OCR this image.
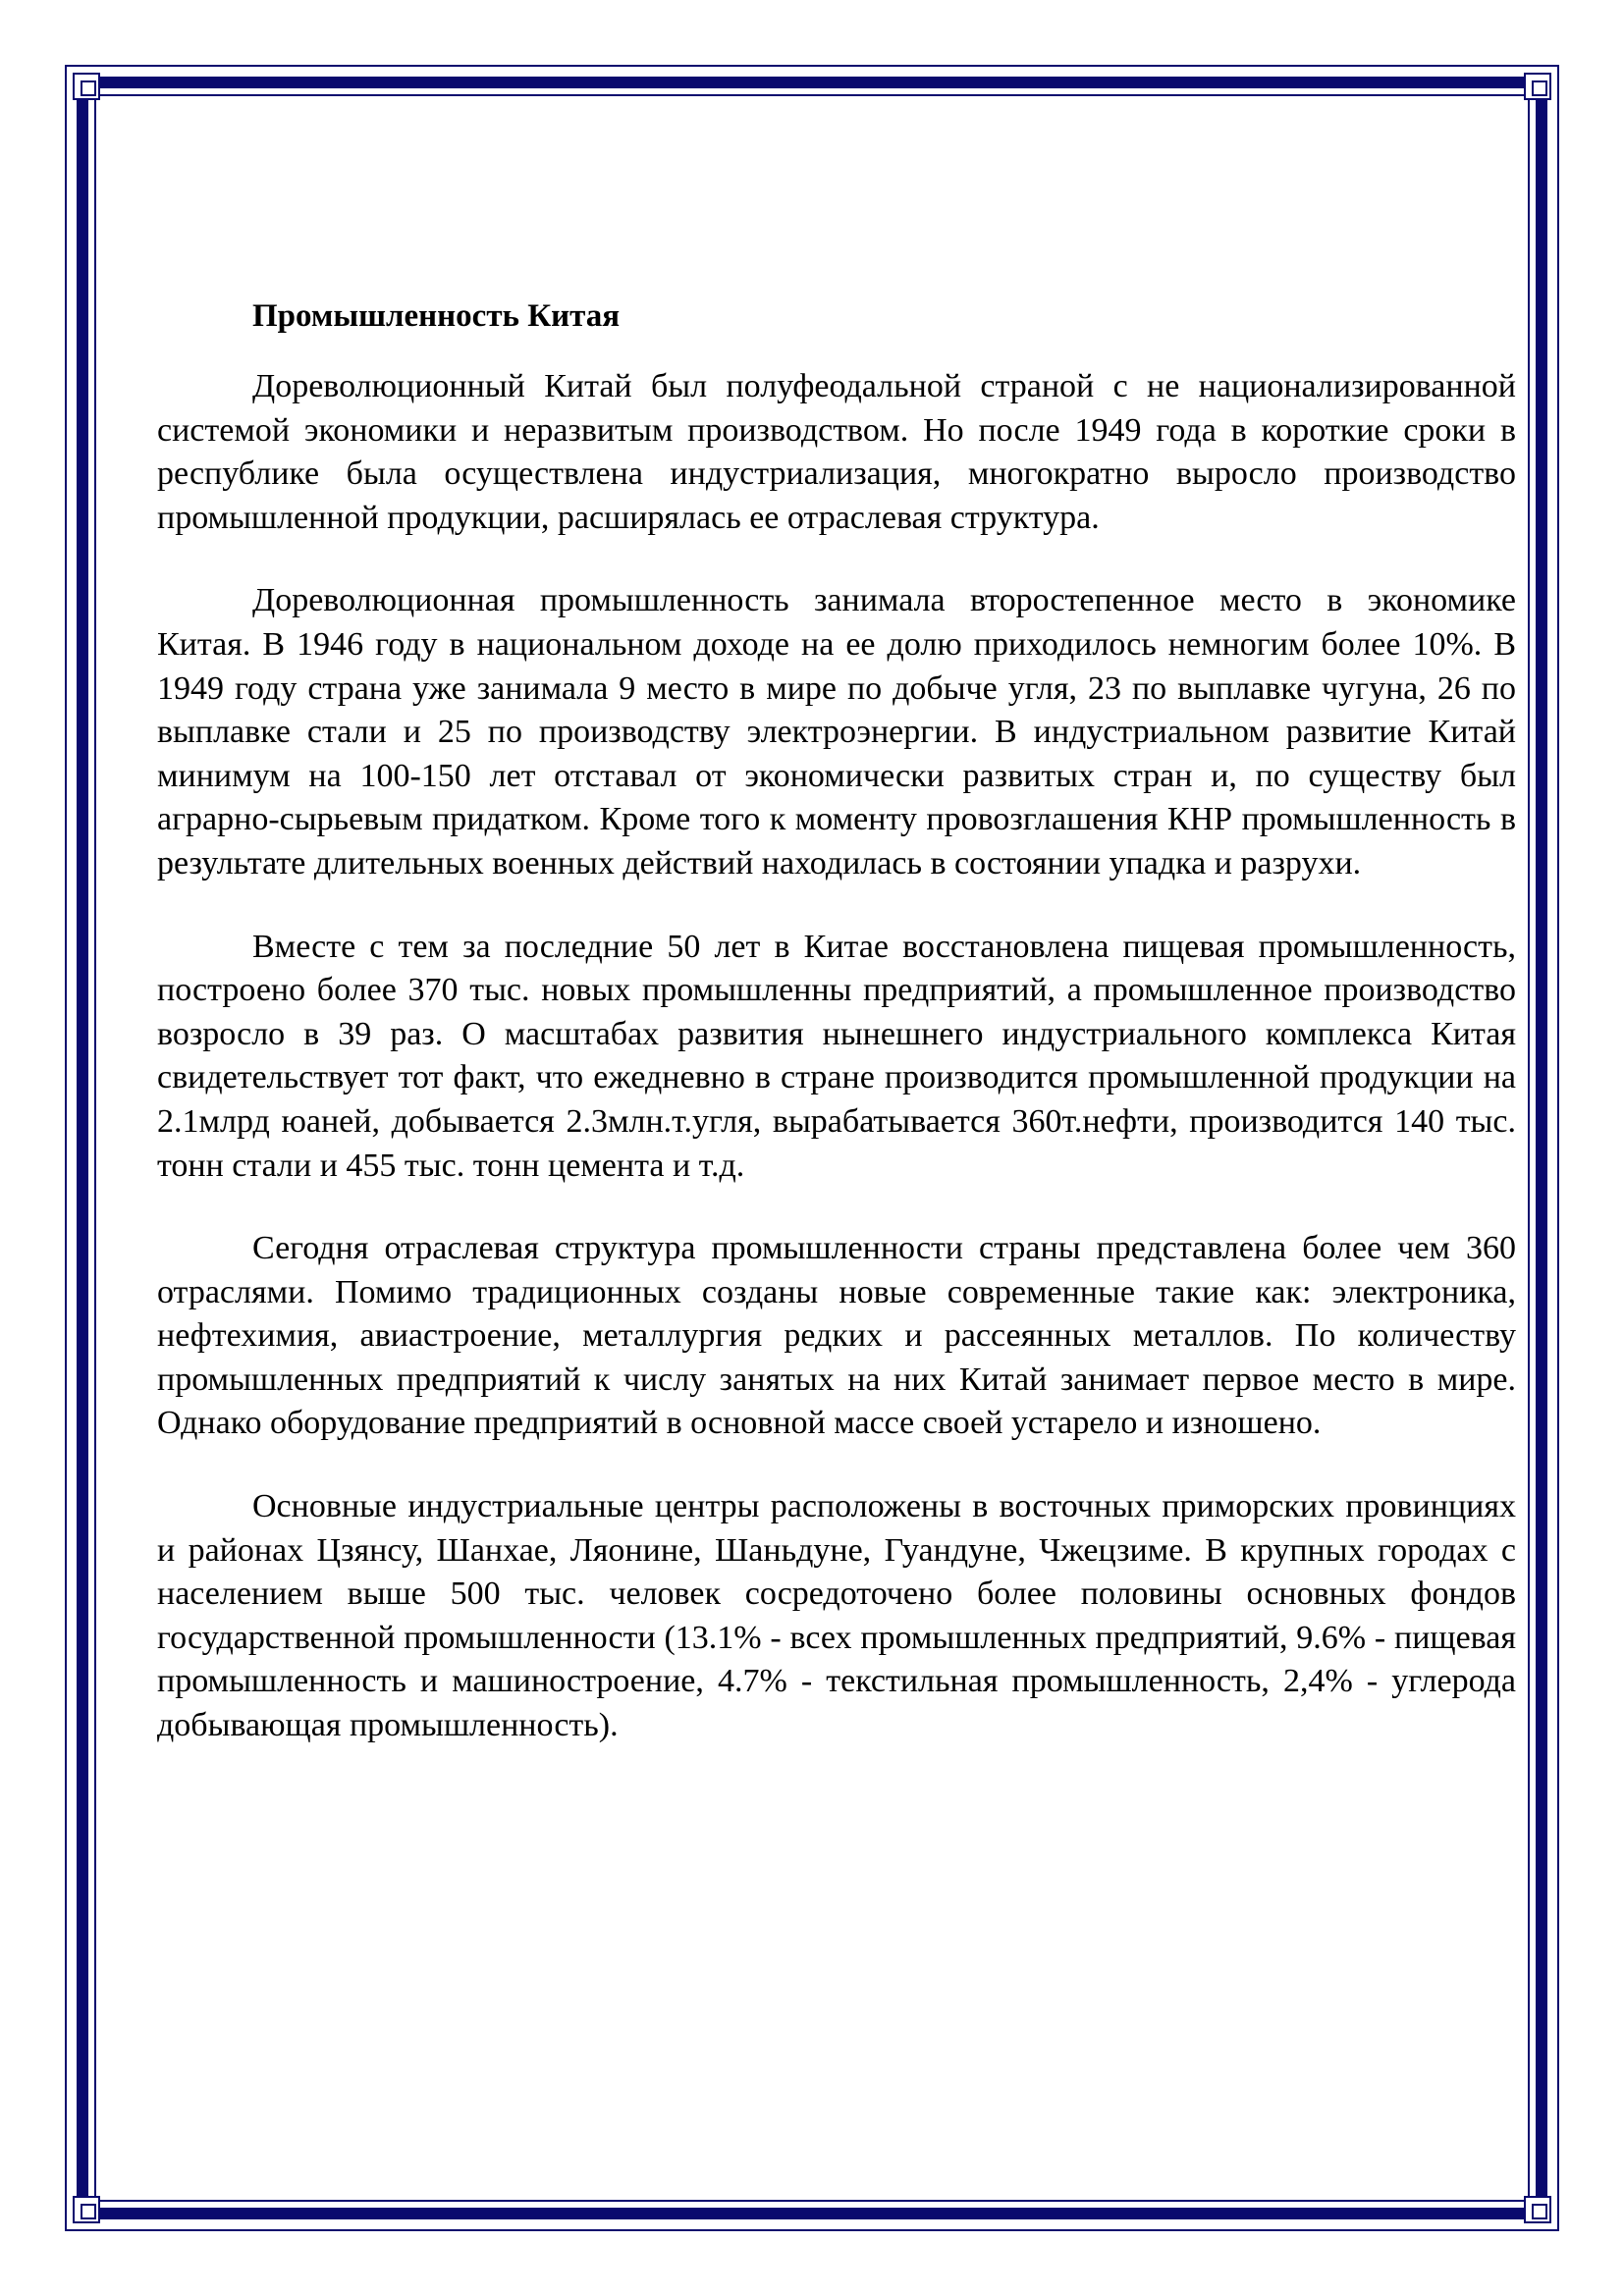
Промышленность Китая

Дореволюционный Китай был полуфеодальной страной с не национализированной системой экономики и неразвитым производством. Но после 1949 года в короткие сроки в республике была осуществлена индустриализация, многократно выросло производство промышленной продукции, расширялась ее отраслевая структура.

Дореволюционная промышленность занимала второстепенное место в экономике Китая. В 1946 году в национальном доходе на ее долю приходилось немногим более 10%. В 1949 году страна уже занимала 9 место в мире по добыче угля, 23 по выплавке чугуна, 26 по выплавке стали и 25 по производству электроэнергии. В индустриальном развитие Китай минимум на 100-150 лет отставал от экономически развитых стран и, по существу был аграрно-сырьевым придатком. Кроме того к моменту провозглашения КНР промышленность в результате длительных военных действий находилась в состоянии упадка и разрухи.

Вместе с тем за последние 50 лет в Китае восстановлена пищевая промышленность, построено более 370 тыс. новых промышленны предприятий, а промышленное производство возросло в 39 раз. О масштабах развития нынешнего индустриального комплекса Китая свидетельствует тот факт, что ежедневно в стране производится промышленной продукции на 2.1млрд юаней, добывается 2.3млн.т.угля, вырабатывается 360т.нефти, производится 140 тыс. тонн стали и 455 тыс. тонн цемента и т.д.

Сегодня отраслевая структура промышленности страны представлена более чем 360 отраслями. Помимо традиционных созданы новые современные такие как: электроника, нефтехимия, авиастроение, металлургия редких и рассеянных металлов. По количеству промышленных предприятий к числу занятых на них Китай занимает первое место в мире. Однако оборудование предприятий в основной массе своей устарело и изношено.

Основные индустриальные центры расположены в восточных приморских провинциях и районах Цзянсу, Шанхае, Ляонине, Шаньдуне, Гуандуне, Чжецзиме. В крупных городах с населением выше 500 тыс. человек сосредоточено более половины основных фондов государственной промышленности (13.1% - всех промышленных предприятий, 9.6% - пищевая промышленность и машиностроение, 4.7% - текстильная промышленность, 2,4% - углерода добывающая промышленность).
